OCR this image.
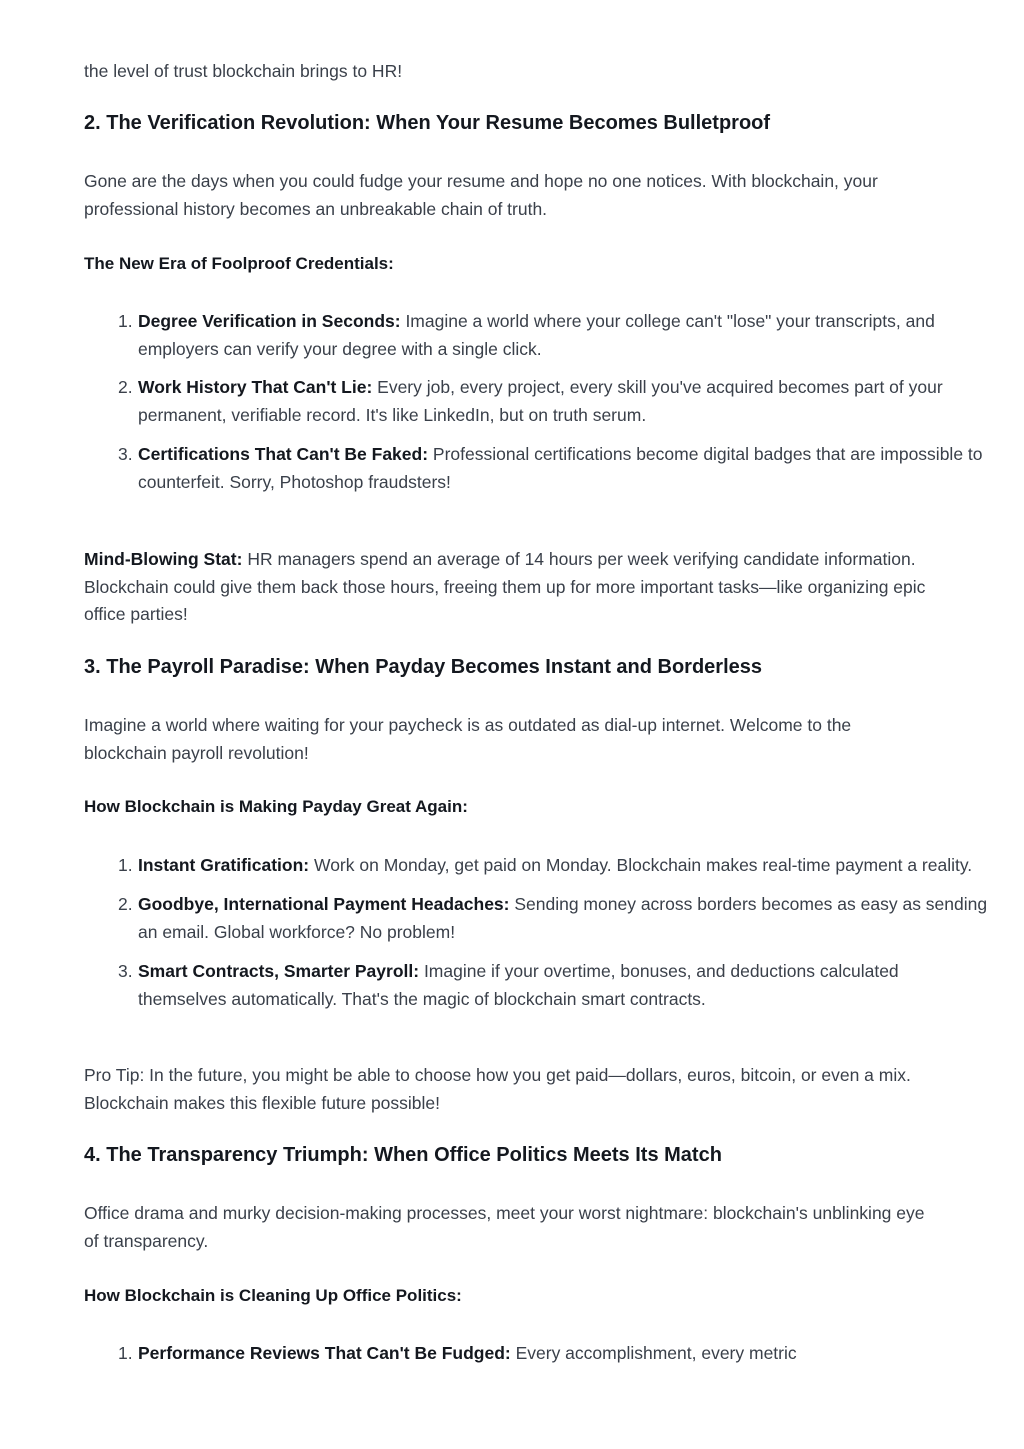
the level of trust blockchain brings to HR!

2. The Verification Revolution: When Your Resume Becomes Bulletproof

Gone are the days when you could fudge your resume and hope no one notices. With blockchain, your professional history becomes an unbreakable chain of truth.

The New Era of Foolproof Credentials:

1. Degree Verification in Seconds: Imagine a world where your college can't "lose" your transcripts, and employers can verify your degree with a single click.
2. Work History That Can't Lie: Every job, every project, every skill you've acquired becomes part of your permanent, verifiable record. It's like LinkedIn, but on truth serum.
3. Certifications That Can't Be Faked: Professional certifications become digital badges that are impossible to counterfeit. Sorry, Photoshop fraudsters!

Mind-Blowing Stat: HR managers spend an average of 14 hours per week verifying candidate information. Blockchain could give them back those hours, freeing them up for more important tasks—like organizing epic office parties!

3. The Payroll Paradise: When Payday Becomes Instant and Borderless

Imagine a world where waiting for your paycheck is as outdated as dial-up internet. Welcome to the blockchain payroll revolution!

How Blockchain is Making Payday Great Again:

1. Instant Gratification: Work on Monday, get paid on Monday. Blockchain makes real-time payment a reality.
2. Goodbye, International Payment Headaches: Sending money across borders becomes as easy as sending an email. Global workforce? No problem!
3. Smart Contracts, Smarter Payroll: Imagine if your overtime, bonuses, and deductions calculated themselves automatically. That's the magic of blockchain smart contracts.

Pro Tip: In the future, you might be able to choose how you get paid—dollars, euros, bitcoin, or even a mix. Blockchain makes this flexible future possible!

4. The Transparency Triumph: When Office Politics Meets Its Match

Office drama and murky decision-making processes, meet your worst nightmare: blockchain's unblinking eye of transparency.

How Blockchain is Cleaning Up Office Politics:

1. Performance Reviews That Can't Be Fudged: Every accomplishment, every metric
